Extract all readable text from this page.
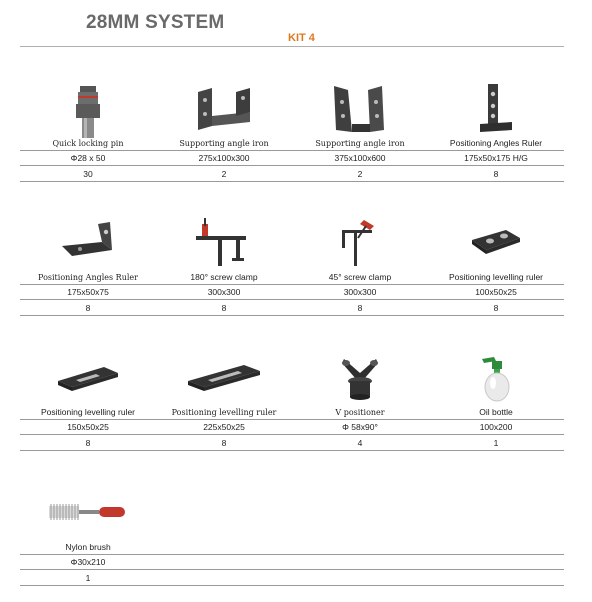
28MM SYSTEM
KIT 4
Quick locking pin
Φ28 x 50
30
Supporting angle iron
275x100x300
2
Supporting angle iron
375x100x600
2
Positioning Angles Ruler
175x50x175 H/G
8
Positioning Angles Ruler
175x50x75
8
180° screw clamp
300x300
8
45° screw clamp
300x300
8
Positioning levelling ruler
100x50x25
8
Positioning levelling ruler
150x50x25
8
Positioning levelling ruler
225x50x25
8
V positioner
Φ 58x90°
4
Oil bottle
100x200
1
Nylon brush
Φ30x210
1
